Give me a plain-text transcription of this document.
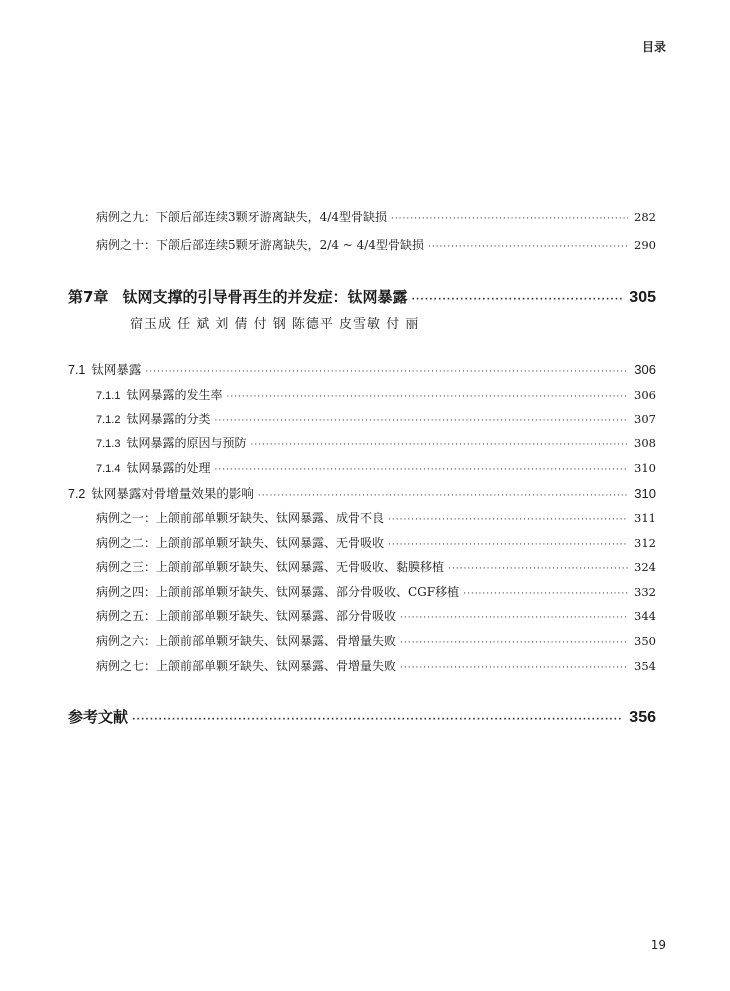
目录
病例之九：下颌后部连续3颗牙游离缺失，4/4型骨缺损 ·····	282
病例之十：下颌后部连续5颗牙游离缺失，2/4 ~ 4/4型骨缺损 ·····	290
第7章 钛网支撑的引导骨再生的并发症：钛网暴露 ·····	305
宿玉成 任 斌 刘 倩 付 钢 陈德平 皮雪敏 付 丽
7.1 钛网暴露 ·····	306
7.1.1 钛网暴露的发生率 ·····	306
7.1.2 钛网暴露的分类 ·····	307
7.1.3 钛网暴露的原因与预防 ·····	308
7.1.4 钛网暴露的处理 ·····	310
7.2 钛网暴露对骨增量效果的影响 ·····	310
病例之一：上颌前部单颗牙缺失、钛网暴露、成骨不良 ·····	311
病例之二：上颌前部单颗牙缺失、钛网暴露、无骨吸收 ·····	312
病例之三：上颌前部单颗牙缺失、钛网暴露、无骨吸收、黏膜移植 ·····	324
病例之四：上颌前部单颗牙缺失、钛网暴露、部分骨吸收、CGF移植 ·····	332
病例之五：上颌前部单颗牙缺失、钛网暴露、部分骨吸收 ·····	344
病例之六：上颌前部单颗牙缺失、钛网暴露、骨增量失败 ·····	350
病例之七：上颌前部单颗牙缺失、钛网暴露、骨增量失败 ·····	354
参考文献 ·····	356
19
